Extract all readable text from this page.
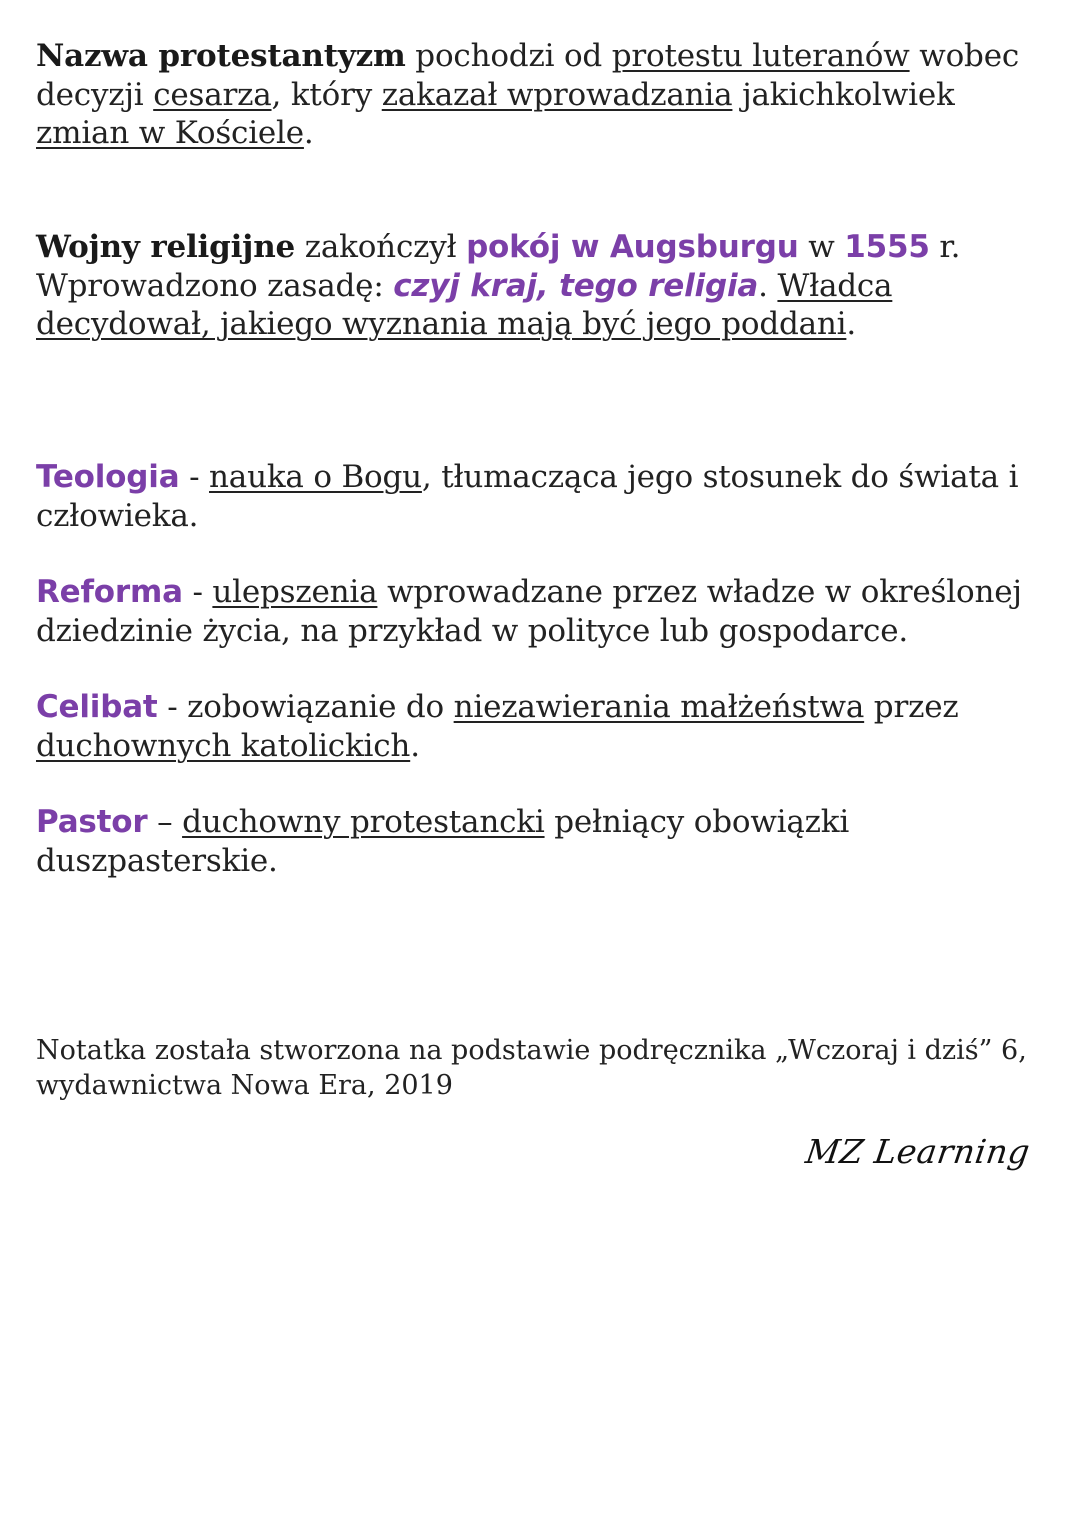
Nazwa protestantyzm pochodzi od protestu luteranów wobec decyzji cesarza, który zakazał wprowadzania jakichkolwiek zmian w Kościele.

Wojny religijne zakończył pokój w Augsburgu w 1555 r. Wprowadzono zasadę: czyj kraj, tego religia. Władca decydował, jakiego wyznania mają być jego poddani.

Teologia - nauka o Bogu, tłumacząca jego stosunek do świata i człowieka.

Reforma - ulepszenia wprowadzane przez władze w określonej dziedzinie życia, na przykład w polityce lub gospodarce.

Celibat - zobowiązanie do niezawierania małżeństwa przez duchownych katolickich.

Pastor – duchowny protestancki pełniący obowiązki duszpasterskie.

Notatka została stworzona na podstawie podręcznika „Wczoraj i dziś” 6, wydawnictwa Nowa Era, 2019

MZ Learning
